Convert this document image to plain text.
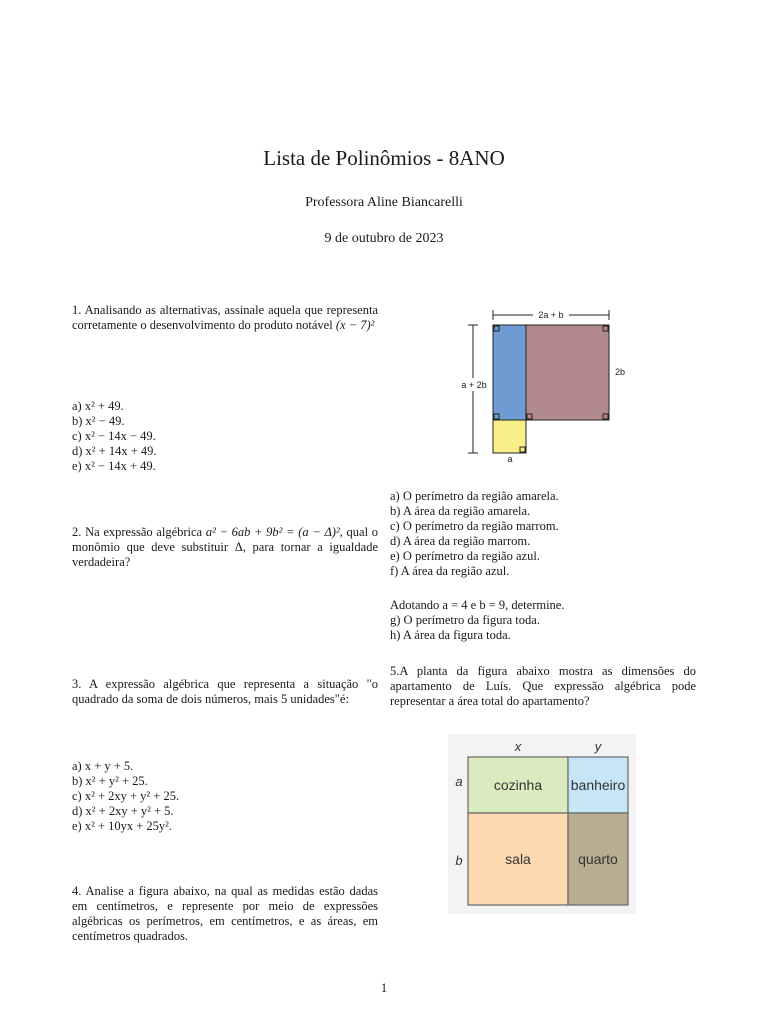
Lista de Polinômios - 8ANO
Professora Aline Biancarelli
9 de outubro de 2023
1. Analisando as alternativas, assinale aquela que representa corretamente o desenvolvimento do produto notável (x − 7)²
a) x² + 49.
b) x² − 49.
c) x² − 14x − 49.
d) x² + 14x + 49.
e) x² − 14x + 49.
2. Na expressão algébrica a² − 6ab + 9b² = (a − Δ)², qual o monômio que deve substituir Δ, para tornar a igualdade verdadeira?
3. A expressão algébrica que representa a situação "o quadrado da soma de dois números, mais 5 unidades"é:
a) x + y + 5.
b) x² + y² + 25.
c) x² + 2xy + y² + 25.
d) x² + 2xy + y² + 5.
e) x² + 10yx + 25y².
4. Analise a figura abaixo, na qual as medidas estão dadas em centímetros, e represente por meio de expressões algébricas os perímetros, em centímetros, e as áreas, em centímetros quadrados.
2a + b
a + 2b
2b
a
a) O perímetro da região amarela.
b) A área da região amarela.
c) O perímetro da região marrom.
d) A área da região marrom.
e) O perímetro da região azul.
f) A área da região azul.
Adotando a = 4 e b = 9, determine.
g) O perímetro da figura toda.
h) A área da figura toda.
5.A planta da figura abaixo mostra as dimensões do apartamento de Luís. Que expressão algébrica pode representar a área total do apartamento?
x	y
a
b
cozinha banheiro
sala	quarto
1
